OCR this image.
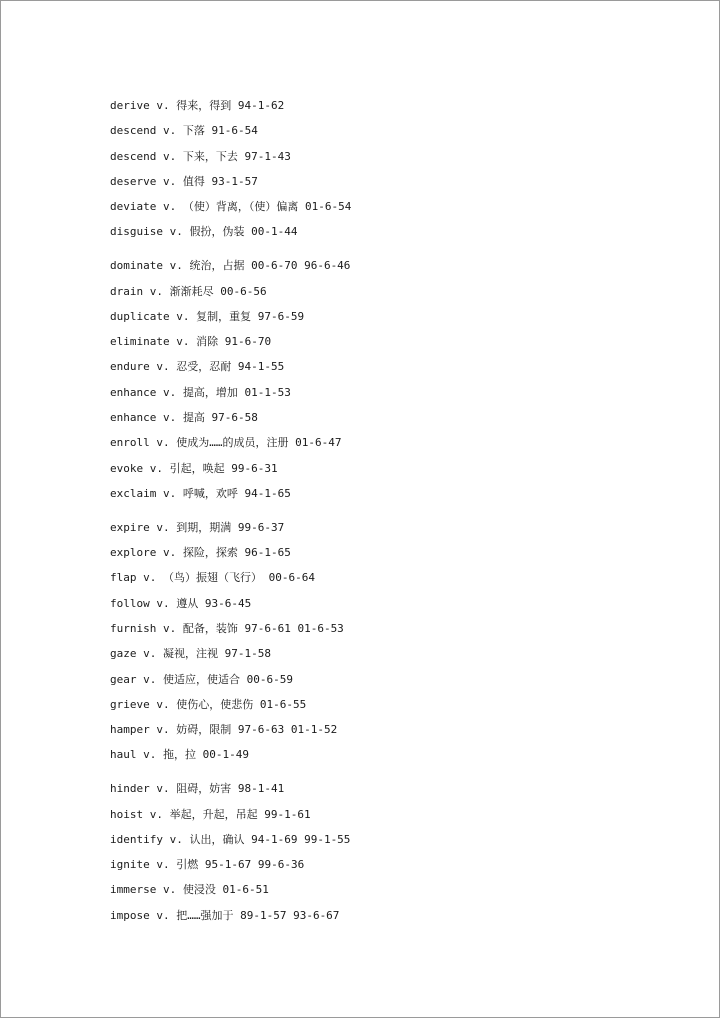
derive v. 得来，得到 94-1-62
descend v. 下落 91-6-54
descend v. 下来，下去 97-1-43
deserve v. 值得 93-1-57
deviate v. （使）背离，（使）偏离 01-6-54
disguise v. 假扮，伪装 00-1-44
dominate v. 统治，占据 00-6-70 96-6-46
drain v. 渐渐耗尽 00-6-56
duplicate v. 复制，重复 97-6-59
eliminate v. 消除 91-6-70
endure v. 忍受，忍耐 94-1-55
enhance v. 提高，增加 01-1-53
enhance v. 提高 97-6-58
enroll v. 使成为……的成员，注册 01-6-47
evoke v. 引起，唤起 99-6-31
exclaim v. 呼喊，欢呼 94-1-65
expire v. 到期，期满 99-6-37
explore v. 探险，探索 96-1-65
flap v. （鸟）振翅（飞行） 00-6-64
follow v. 遵从 93-6-45
furnish v. 配备，装饰 97-6-61 01-6-53
gaze v. 凝视，注视 97-1-58
gear v. 使适应，使适合 00-6-59
grieve v. 使伤心，使悲伤 01-6-55
hamper v. 妨碍，限制 97-6-63 01-1-52
haul v. 拖，拉 00-1-49
hinder v. 阻碍，妨害 98-1-41
hoist v. 举起，升起，吊起 99-1-61
identify v. 认出，确认 94-1-69 99-1-55
ignite v. 引燃 95-1-67 99-6-36
immerse v. 使浸没 01-6-51
impose v. 把……强加于 89-1-57 93-6-67
